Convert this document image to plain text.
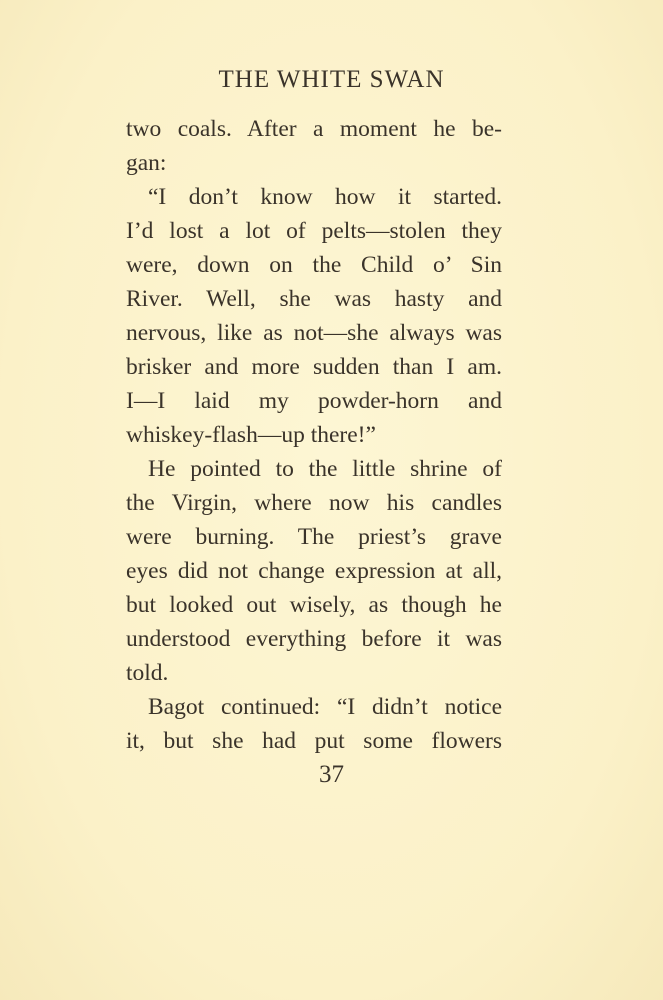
THE WHITE SWAN
two coals. After a moment he be-
gan:
“I don’t know how it started.
I’d lost a lot of pelts—stolen they
were, down on the Child o’ Sin
River. Well, she was hasty and
nervous, like as not—she always was
brisker and more sudden than I am.
I—I laid my powder-horn and
whiskey-flash—up there!”
He pointed to the little shrine of
the Virgin, where now his candles
were burning. The priest’s grave
eyes did not change expression at all,
but looked out wisely, as though he
understood everything before it was
told.
Bagot continued: “I didn’t notice
it, but she had put some flowers
37
